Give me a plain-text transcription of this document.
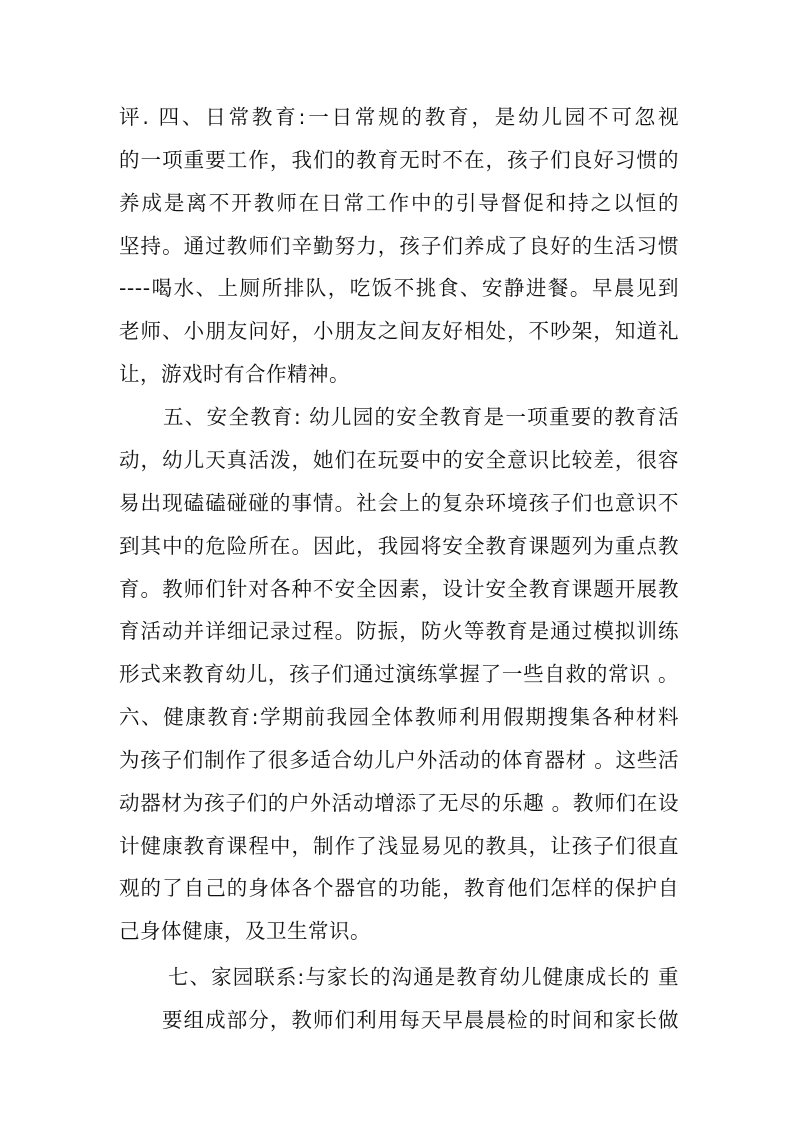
评. 四、日常教育:一日常规的教育，是幼儿园不可忽视
的一项重要工作，我们的教育无时不在，孩子们良好习惯的
养成是离不开教师在日常工作中的引导督促和持之以恒的
坚持。通过教师们辛勤努力，孩子们养成了良好的生活习惯
----喝水、上厕所排队，吃饭不挑食、安静进餐。早晨见到
老师、小朋友问好，小朋友之间友好相处，不吵架，知道礼
让，游戏时有合作精神。
五、安全教育: 幼儿园的安全教育是一项重要的教育活
动，幼儿天真活泼，她们在玩耍中的安全意识比较差，很容
易出现磕磕碰碰的事情。社会上的复杂环境孩子们也意识不
到其中的危险所在。因此，我园将安全教育课题列为重点教
育。教师们针对各种不安全因素，设计安全教育课题开展教
育活动并详细记录过程。防振，防火等教育是通过模拟训练
形式来教育幼儿，孩子们通过演练掌握了一些自救的常识 。
六、健康教育:学期前我园全体教师利用假期搜集各种材料
为孩子们制作了很多适合幼儿户外活动的体育器材 。这些活
动器材为孩子们的户外活动增添了无尽的乐趣 。教师们在设
计健康教育课程中，制作了浅显易见的教具，让孩子们很直
观的了自己的身体各个器官的功能，教育他们怎样的保护自
己身体健康，及卫生常识。
七、家园联系:与家长的沟通是教育幼儿健康成长的 重
要组成部分，教师们利用每天早晨晨检的时间和家长做
